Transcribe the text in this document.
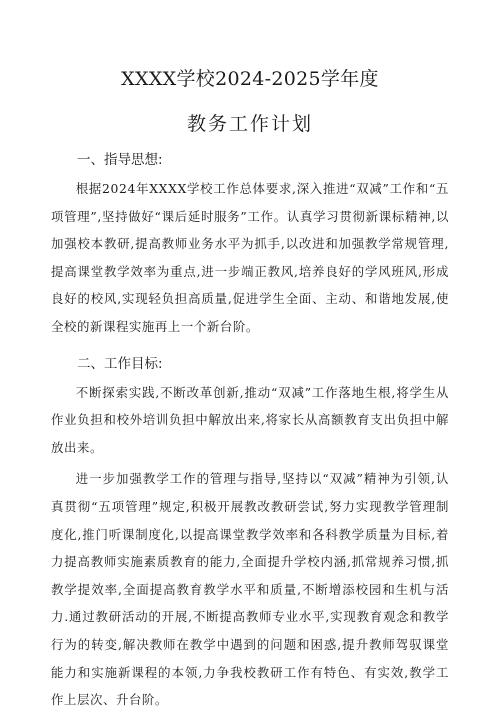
XXXX学校2024-2025学年度
教务工作计划
一、指导思想:

根据2024年XXXX学校工作总体要求,深入推进“双减”工作和“五项管理”,坚持做好“课后延时服务”工作。认真学习贯彻新课标精神,以加强校本教研,提高教师业务水平为抓手,以改进和加强教学常规管理,提高课堂教学效率为重点,进一步端正教风,培养良好的学风班风,形成良好的校风,实现轻负担高质量,促进学生全面、主动、和谐地发展,使全校的新课程实施再上一个新台阶。

二、工作目标:

不断探索实践,不断改革创新,推动“双减”工作落地生根,将学生从作业负担和校外培训负担中解放出来,将家长从高额教育支出负担中解放出来。

进一步加强教学工作的管理与指导,坚持以“双减”精神为引领,认真贯彻“五项管理”规定,积极开展教改教研尝试,努力实现教学管理制度化,推门听课制度化,以提高课堂教学效率和各科教学质量为目标,着力提高教师实施素质教育的能力,全面提升学校内涵,抓常规养习惯,抓教学提效率,全面提高教育教学水平和质量,不断增添校园和生机与活力.通过教研活动的开展,不断提高教师专业水平,实现教育观念和教学行为的转变,解决教师在教学中遇到的问题和困惑,提升教师驾驭课堂能力和实施新课程的本领,力争我校教研工作有特色、有实效,教学工作上层次、升台阶。
